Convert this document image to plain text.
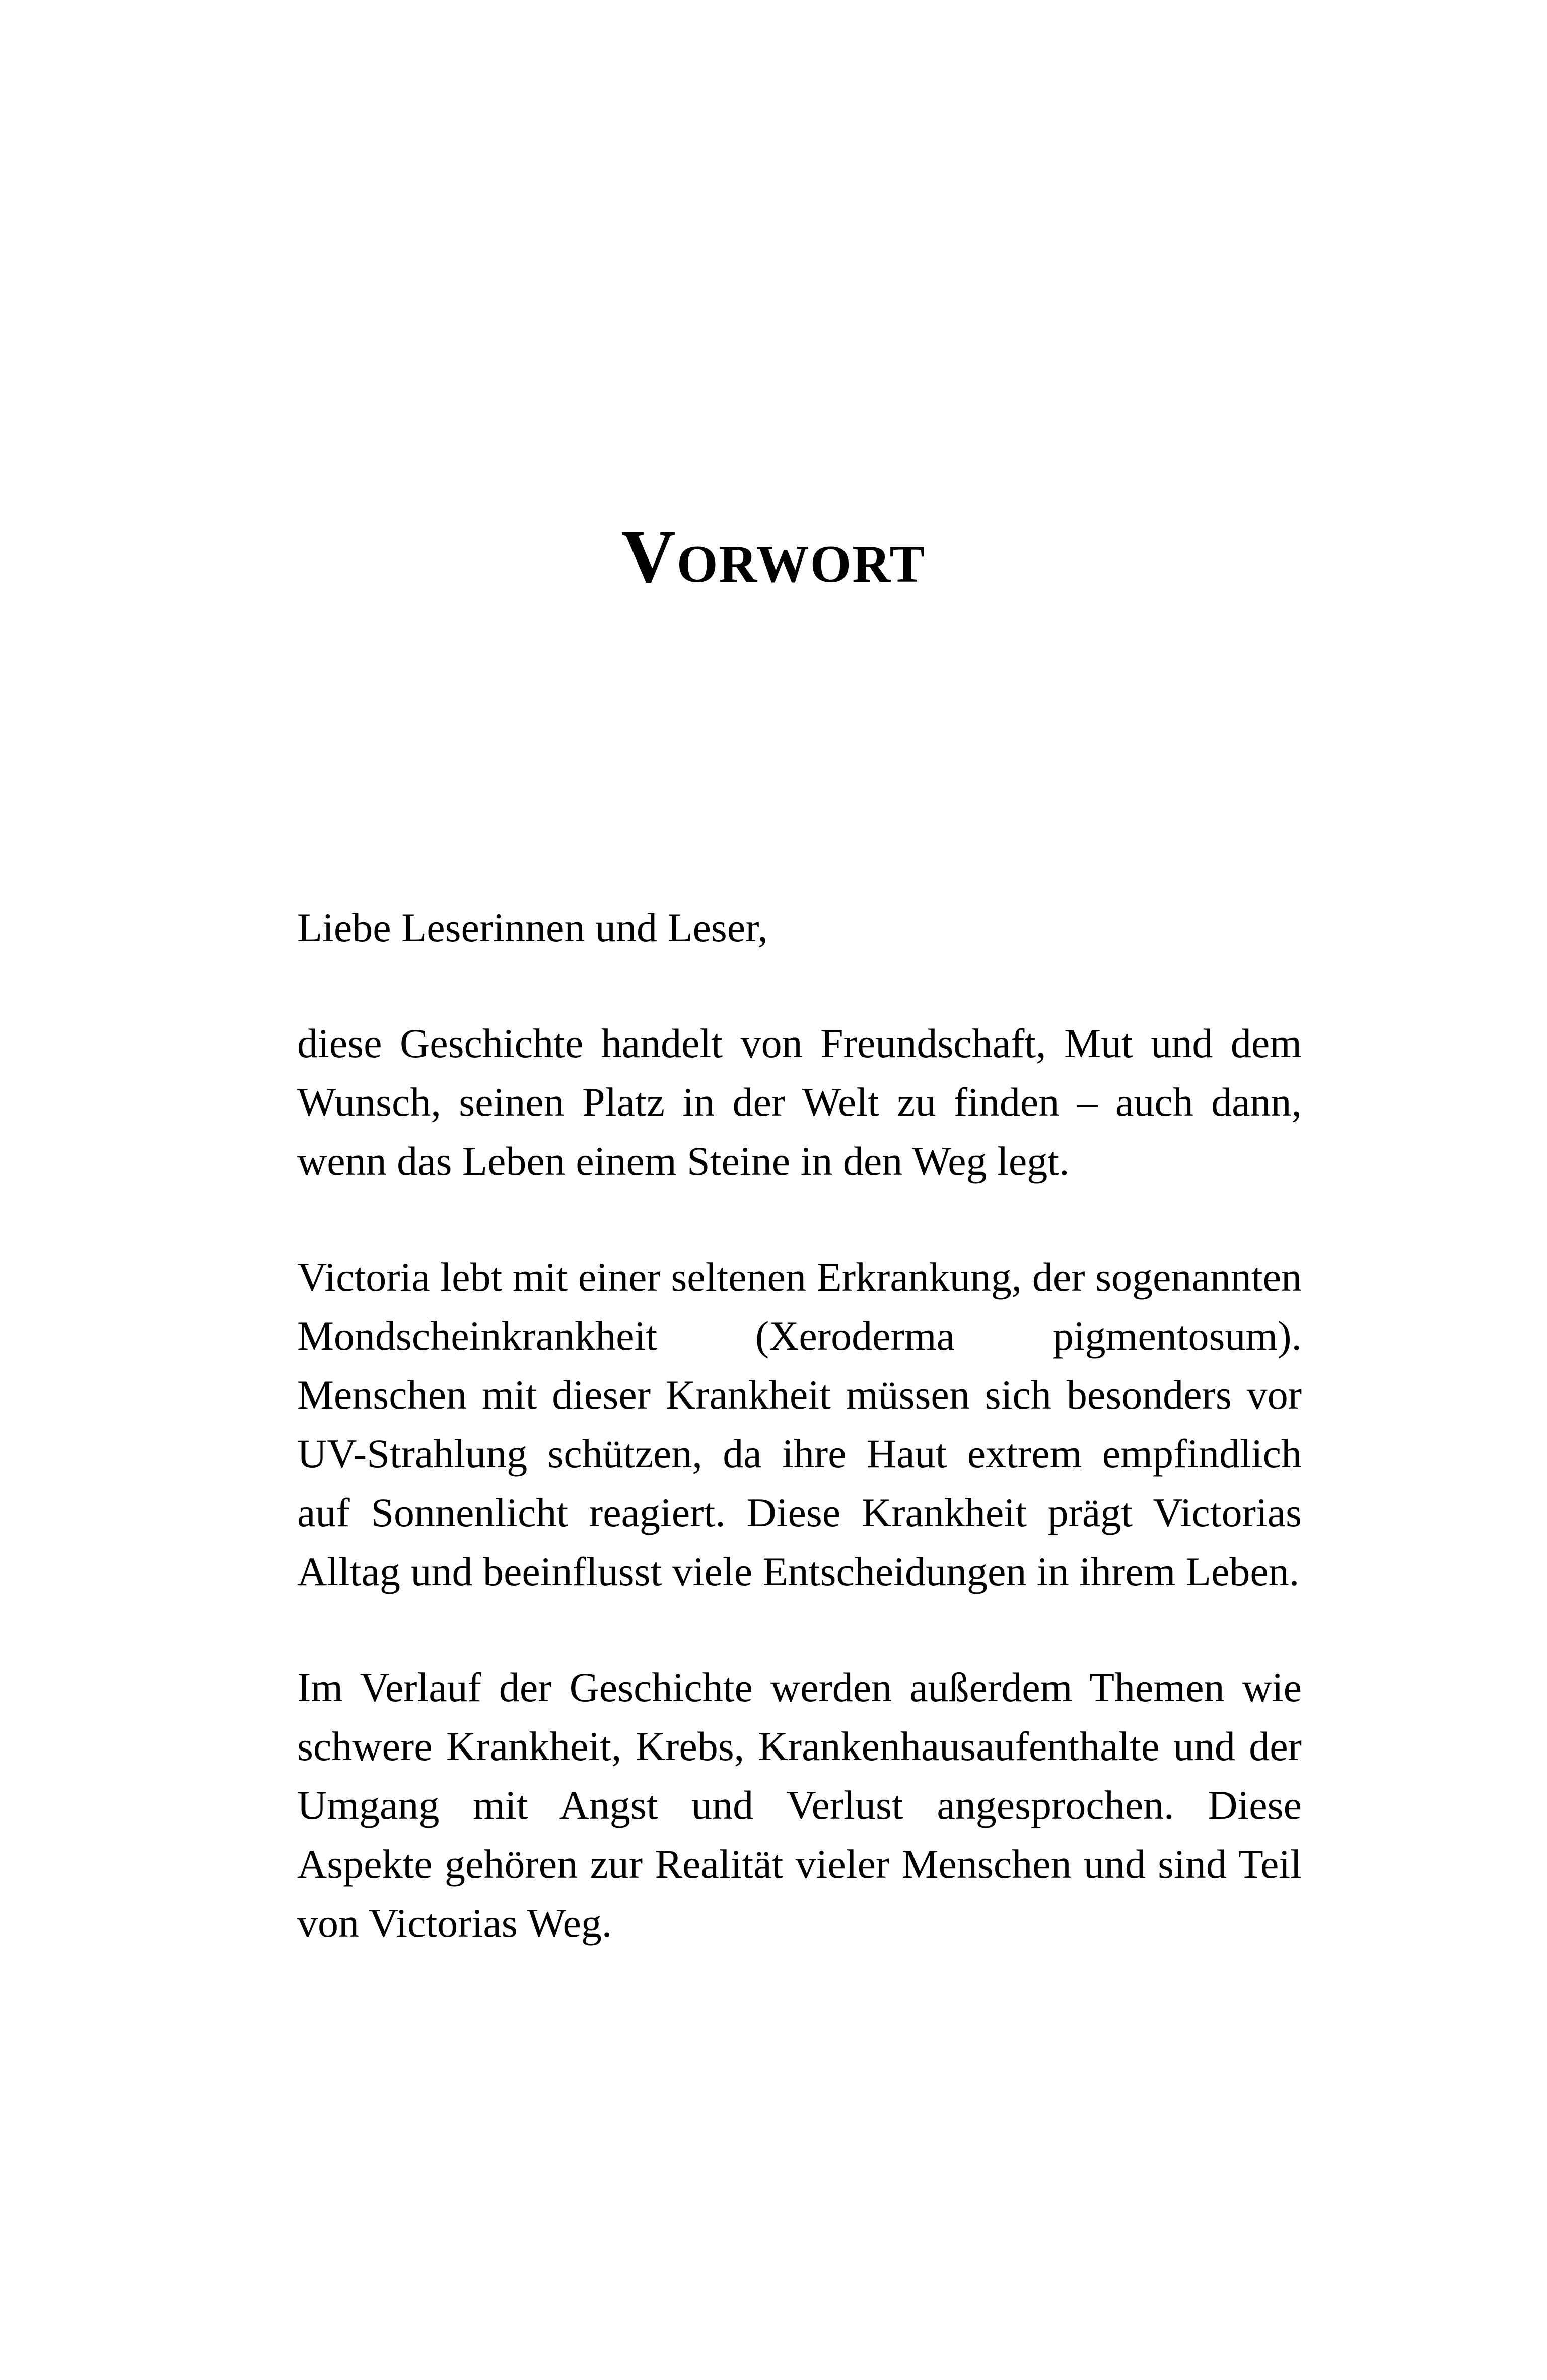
Vorwort

Liebe Leserinnen und Leser,

diese Geschichte handelt von Freundschaft, Mut und dem Wunsch, seinen Platz in der Welt zu finden – auch dann, wenn das Leben einem Steine in den Weg legt.

Victoria lebt mit einer seltenen Erkrankung, der sogenannten Mondscheinkrankheit (Xeroderma pigmentosum). Menschen mit dieser Krankheit müssen sich besonders vor UV-Strahlung schützen, da ihre Haut extrem empfindlich auf Sonnenlicht reagiert. Diese Krankheit prägt Victorias Alltag und beeinflusst viele Entscheidungen in ihrem Leben.

Im Verlauf der Geschichte werden außerdem Themen wie schwere Krankheit, Krebs, Krankenhausaufenthalte und der Umgang mit Angst und Verlust angesprochen. Diese Aspekte gehören zur Realität vieler Menschen und sind Teil von Victorias Weg.
